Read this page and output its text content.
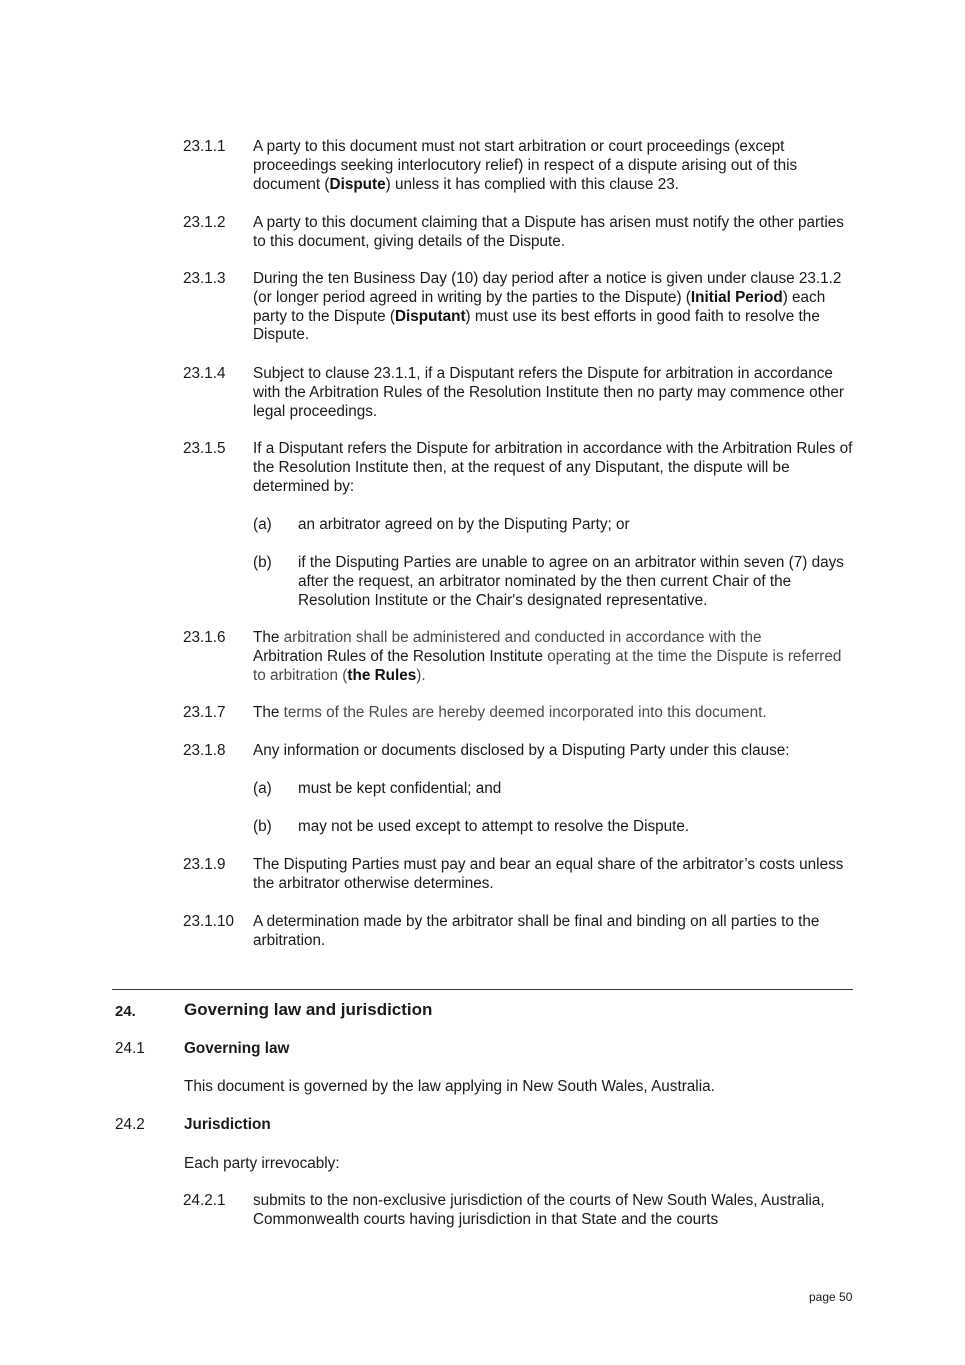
23.1.1 A party to this document must not start arbitration or court proceedings (except proceedings seeking interlocutory relief) in respect of a dispute arising out of this document (Dispute) unless it has complied with this clause 23.
23.1.2 A party to this document claiming that a Dispute has arisen must notify the other parties to this document, giving details of the Dispute.
23.1.3 During the ten Business Day (10) day period after a notice is given under clause 23.1.2 (or longer period agreed in writing by the parties to the Dispute) (Initial Period) each party to the Dispute (Disputant) must use its best efforts in good faith to resolve the Dispute.
23.1.4 Subject to clause 23.1.1, if a Disputant refers the Dispute for arbitration in accordance with the Arbitration Rules of the Resolution Institute then no party may commence other legal proceedings.
23.1.5 If a Disputant refers the Dispute for arbitration in accordance with the Arbitration Rules of the Resolution Institute then, at the request of any Disputant, the dispute will be determined by:
(a) an arbitrator agreed on by the Disputing Party; or
(b) if the Disputing Parties are unable to agree on an arbitrator within seven (7) days after the request, an arbitrator nominated by the then current Chair of the Resolution Institute or the Chair's designated representative.
23.1.6 The arbitration shall be administered and conducted in accordance with the
Arbitration Rules of the Resolution Institute operating at the time the Dispute is referred to arbitration (the Rules).
23.1.7 The terms of the Rules are hereby deemed incorporated into this document.
23.1.8 Any information or documents disclosed by a Disputing Party under this clause:
(a) must be kept confidential; and
(b) may not be used except to attempt to resolve the Dispute.
23.1.9 The Disputing Parties must pay and bear an equal share of the arbitrator’s costs unless the arbitrator otherwise determines.
23.1.10 A determination made by the arbitrator shall be final and binding on all parties to the arbitration.
24.	Governing law and jurisdiction
24.1	Governing law
This document is governed by the law applying in New South Wales, Australia.
24.2	Jurisdiction
Each party irrevocably:
24.2.1 submits to the non-exclusive jurisdiction of the courts of New South Wales, Australia, Commonwealth courts having jurisdiction in that State and the courts
page 50
